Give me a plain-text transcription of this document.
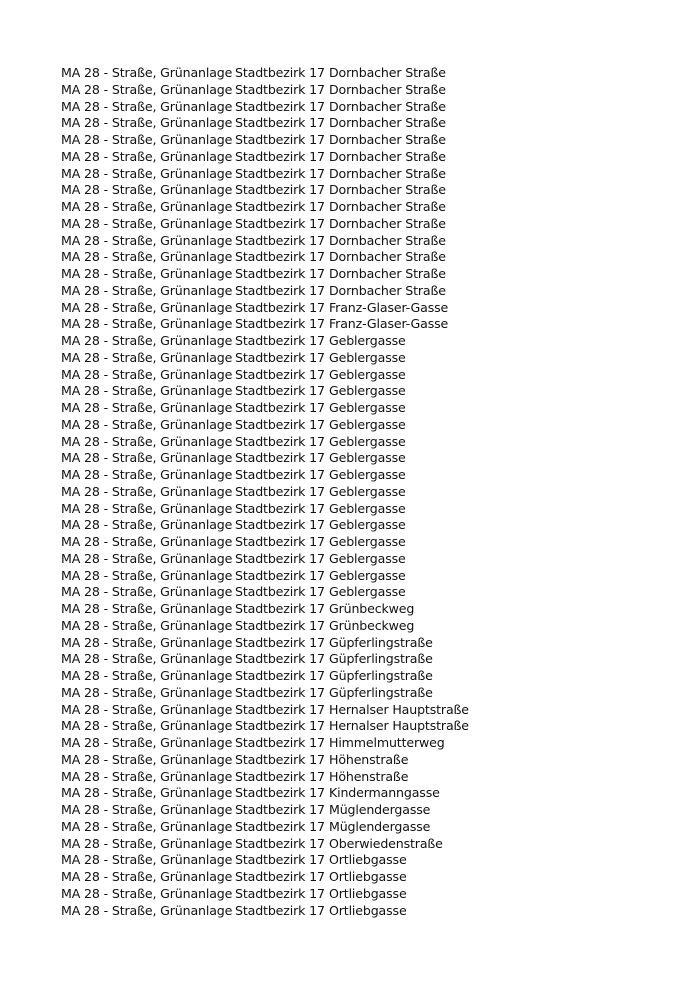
MA 28 - Straße, Grünanlage	Stadtbezirk 17	Dornbacher Straße
MA 28 - Straße, Grünanlage	Stadtbezirk 17	Dornbacher Straße
MA 28 - Straße, Grünanlage	Stadtbezirk 17	Dornbacher Straße
MA 28 - Straße, Grünanlage	Stadtbezirk 17	Dornbacher Straße
MA 28 - Straße, Grünanlage	Stadtbezirk 17	Dornbacher Straße
MA 28 - Straße, Grünanlage	Stadtbezirk 17	Dornbacher Straße
MA 28 - Straße, Grünanlage	Stadtbezirk 17	Dornbacher Straße
MA 28 - Straße, Grünanlage	Stadtbezirk 17	Dornbacher Straße
MA 28 - Straße, Grünanlage	Stadtbezirk 17	Dornbacher Straße
MA 28 - Straße, Grünanlage	Stadtbezirk 17	Dornbacher Straße
MA 28 - Straße, Grünanlage	Stadtbezirk 17	Dornbacher Straße
MA 28 - Straße, Grünanlage	Stadtbezirk 17	Dornbacher Straße
MA 28 - Straße, Grünanlage	Stadtbezirk 17	Dornbacher Straße
MA 28 - Straße, Grünanlage	Stadtbezirk 17	Dornbacher Straße
MA 28 - Straße, Grünanlage	Stadtbezirk 17	Franz-Glaser-Gasse
MA 28 - Straße, Grünanlage	Stadtbezirk 17	Franz-Glaser-Gasse
MA 28 - Straße, Grünanlage	Stadtbezirk 17	Geblergasse
MA 28 - Straße, Grünanlage	Stadtbezirk 17	Geblergasse
MA 28 - Straße, Grünanlage	Stadtbezirk 17	Geblergasse
MA 28 - Straße, Grünanlage	Stadtbezirk 17	Geblergasse
MA 28 - Straße, Grünanlage	Stadtbezirk 17	Geblergasse
MA 28 - Straße, Grünanlage	Stadtbezirk 17	Geblergasse
MA 28 - Straße, Grünanlage	Stadtbezirk 17	Geblergasse
MA 28 - Straße, Grünanlage	Stadtbezirk 17	Geblergasse
MA 28 - Straße, Grünanlage	Stadtbezirk 17	Geblergasse
MA 28 - Straße, Grünanlage	Stadtbezirk 17	Geblergasse
MA 28 - Straße, Grünanlage	Stadtbezirk 17	Geblergasse
MA 28 - Straße, Grünanlage	Stadtbezirk 17	Geblergasse
MA 28 - Straße, Grünanlage	Stadtbezirk 17	Geblergasse
MA 28 - Straße, Grünanlage	Stadtbezirk 17	Geblergasse
MA 28 - Straße, Grünanlage	Stadtbezirk 17	Geblergasse
MA 28 - Straße, Grünanlage	Stadtbezirk 17	Geblergasse
MA 28 - Straße, Grünanlage	Stadtbezirk 17	Grünbeckweg
MA 28 - Straße, Grünanlage	Stadtbezirk 17	Grünbeckweg
MA 28 - Straße, Grünanlage	Stadtbezirk 17	Güpferlingstraße
MA 28 - Straße, Grünanlage	Stadtbezirk 17	Güpferlingstraße
MA 28 - Straße, Grünanlage	Stadtbezirk 17	Güpferlingstraße
MA 28 - Straße, Grünanlage	Stadtbezirk 17	Güpferlingstraße
MA 28 - Straße, Grünanlage	Stadtbezirk 17	Hernalser Hauptstraße
MA 28 - Straße, Grünanlage	Stadtbezirk 17	Hernalser Hauptstraße
MA 28 - Straße, Grünanlage	Stadtbezirk 17	Himmelmutterweg
MA 28 - Straße, Grünanlage	Stadtbezirk 17	Höhenstraße
MA 28 - Straße, Grünanlage	Stadtbezirk 17	Höhenstraße
MA 28 - Straße, Grünanlage	Stadtbezirk 17	Kindermanngasse
MA 28 - Straße, Grünanlage	Stadtbezirk 17	Müglendergasse
MA 28 - Straße, Grünanlage	Stadtbezirk 17	Müglendergasse
MA 28 - Straße, Grünanlage	Stadtbezirk 17	Oberwiedenstraße
MA 28 - Straße, Grünanlage	Stadtbezirk 17	Ortliebgasse
MA 28 - Straße, Grünanlage	Stadtbezirk 17	Ortliebgasse
MA 28 - Straße, Grünanlage	Stadtbezirk 17	Ortliebgasse
MA 28 - Straße, Grünanlage	Stadtbezirk 17	Ortliebgasse
